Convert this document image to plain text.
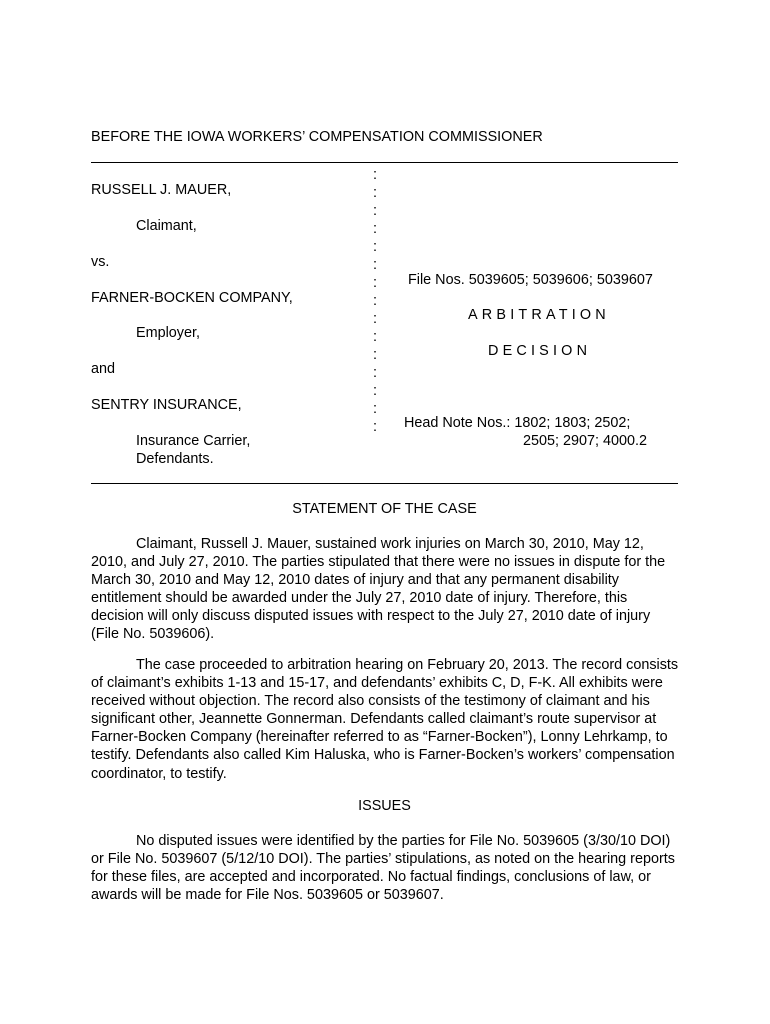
BEFORE THE IOWA WORKERS’ COMPENSATION COMMISSIONER
RUSSELL J. MAUER,
Claimant,
vs.
FARNER-BOCKEN COMPANY,
Employer,
and
SENTRY INSURANCE,
Insurance Carrier,
Defendants.
:
:
:
:
:
:
:
:
:
:
:
:
:
:
:
File Nos. 5039605; 5039606; 5039607
ARBITRATION
DECISION
Head Note Nos.: 1802; 1803; 2502;
2505; 2907; 4000.2
STATEMENT OF THE CASE

Claimant, Russell J. Mauer, sustained work injuries on March 30, 2010, May 12, 2010, and July 27, 2010. The parties stipulated that there were no issues in dispute for the March 30, 2010 and May 12, 2010 dates of injury and that any permanent disability entitlement should be awarded under the July 27, 2010 date of injury. Therefore, this decision will only discuss disputed issues with respect to the July 27, 2010 date of injury (File No. 5039606).

The case proceeded to arbitration hearing on February 20, 2013. The record consists of claimant’s exhibits 1-13 and 15-17, and defendants’ exhibits C, D, F-K. All exhibits were received without objection. The record also consists of the testimony of claimant and his significant other, Jeannette Gonnerman. Defendants called claimant’s route supervisor at Farner-Bocken Company (hereinafter referred to as “Farner-Bocken”), Lonny Lehrkamp, to testify. Defendants also called Kim Haluska, who is Farner-Bocken’s workers’ compensation coordinator, to testify.

ISSUES

No disputed issues were identified by the parties for File No. 5039605 (3/30/10 DOI) or File No. 5039607 (5/12/10 DOI). The parties’ stipulations, as noted on the hearing reports for these files, are accepted and incorporated. No factual findings, conclusions of law, or awards will be made for File Nos. 5039605 or 5039607.
